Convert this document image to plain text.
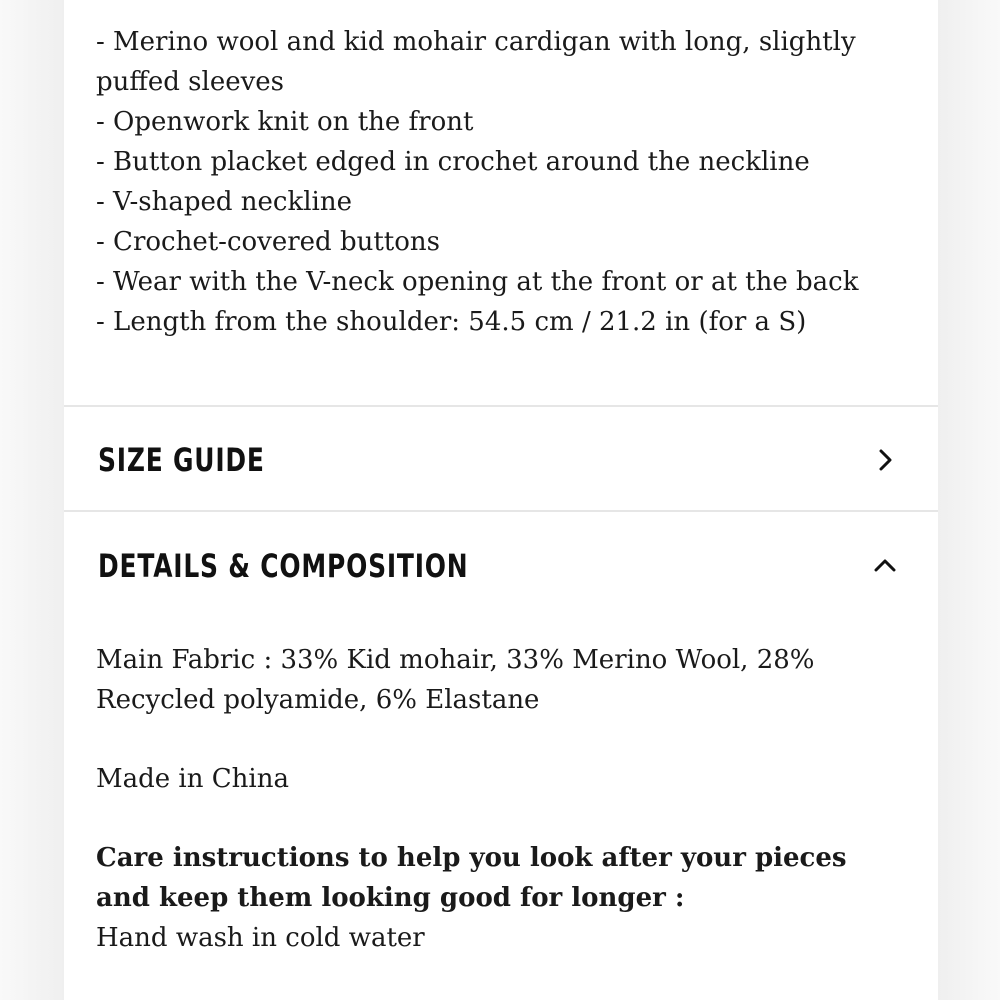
- Merino wool and kid mohair cardigan with long, slightly puffed sleeves
- Openwork knit on the front
- Button placket edged in crochet around the neckline
- V-shaped neckline
- Crochet-covered buttons
- Wear with the V-neck opening at the front or at the back
- Length from the shoulder: 54.5 cm / 21.2 in (for a S)
SIZE GUIDE
DETAILS & COMPOSITION

Main Fabric : 33% Kid mohair, 33% Merino Wool, 28% Recycled polyamide, 6% Elastane

Made in China

Care instructions to help you look after your pieces and keep them looking good for longer :

Hand wash in cold water
